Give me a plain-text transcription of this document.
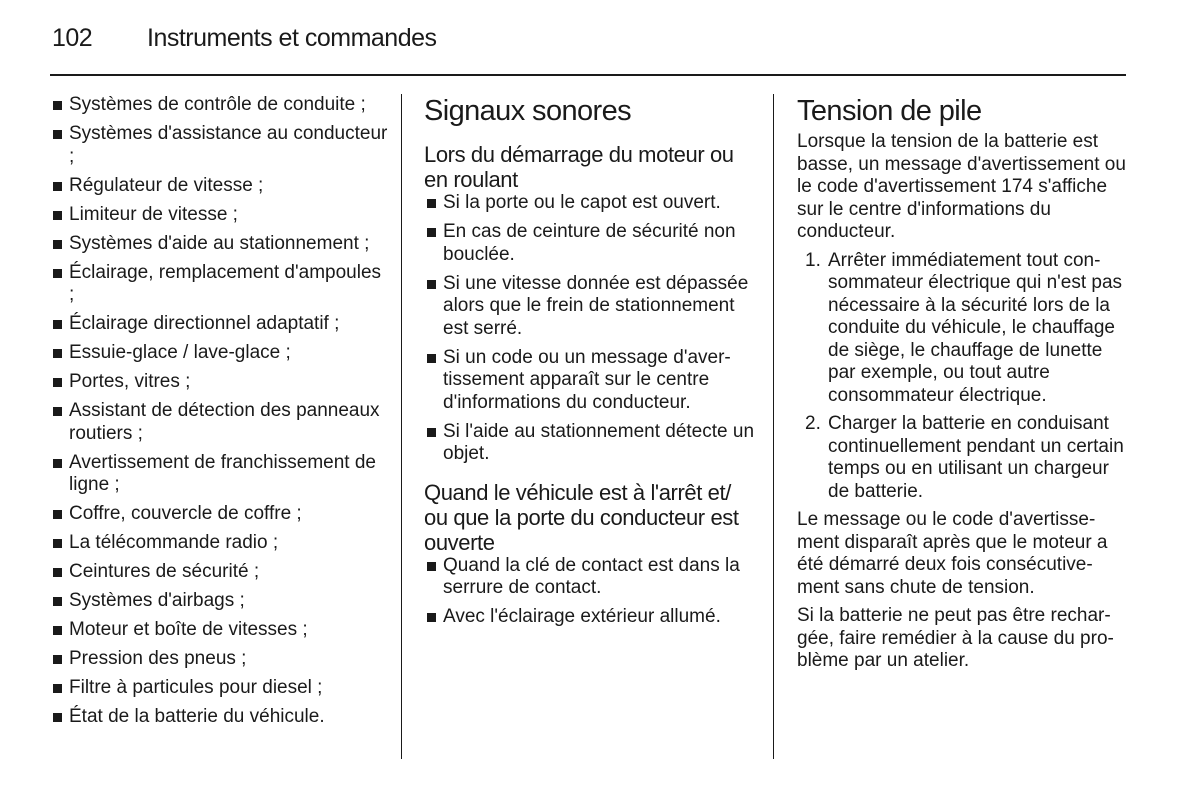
102 Instruments et commandes
Systèmes de contrôle de conduite ;
Systèmes d'assistance au conducteur ;
Régulateur de vitesse ;
Limiteur de vitesse ;
Systèmes d'aide au stationnement ;
Éclairage, remplacement d'ampoules ;
Éclairage directionnel adaptatif ;
Essuie-glace / lave-glace ;
Portes, vitres ;
Assistant de détection des panneaux routiers ;
Avertissement de franchissement de ligne ;
Coffre, couvercle de coffre ;
La télécommande radio ;
Ceintures de sécurité ;
Systèmes d'airbags ;
Moteur et boîte de vitesses ;
Pression des pneus ;
Filtre à particules pour diesel ;
État de la batterie du véhicule.
Signaux sonores
Lors du démarrage du moteur ou en roulant
Si la porte ou le capot est ouvert.
En cas de ceinture de sécurité non bouclée.
Si une vitesse donnée est dépassée alors que le frein de stationnement est serré.
Si un code ou un message d'avertissement apparaît sur le centre d'informations du conducteur.
Si l'aide au stationnement détecte un objet.
Quand le véhicule est à l'arrêt et/ ou que la porte du conducteur est ouverte
Quand la clé de contact est dans la serrure de contact.
Avec l'éclairage extérieur allumé.
Tension de pile

Lorsque la tension de la batterie est basse, un message d'avertissement ou le code d'avertissement 174 s'affiche sur le centre d'informations du conducteur.

1. Arrêter immédiatement tout consommateur électrique qui n'est pas nécessaire à la sécurité lors de la conduite du véhicule, le chauffage de siège, le chauffage de lunette par exemple, ou tout autre consommateur électrique.
2. Charger la batterie en conduisant continuellement pendant un certain temps ou en utilisant un chargeur de batterie.

Le message ou le code d'avertissement disparaît après que le moteur a été démarré deux fois consécutivement sans chute de tension.

Si la batterie ne peut pas être rechargée, faire remédier à la cause du problème par un atelier.
